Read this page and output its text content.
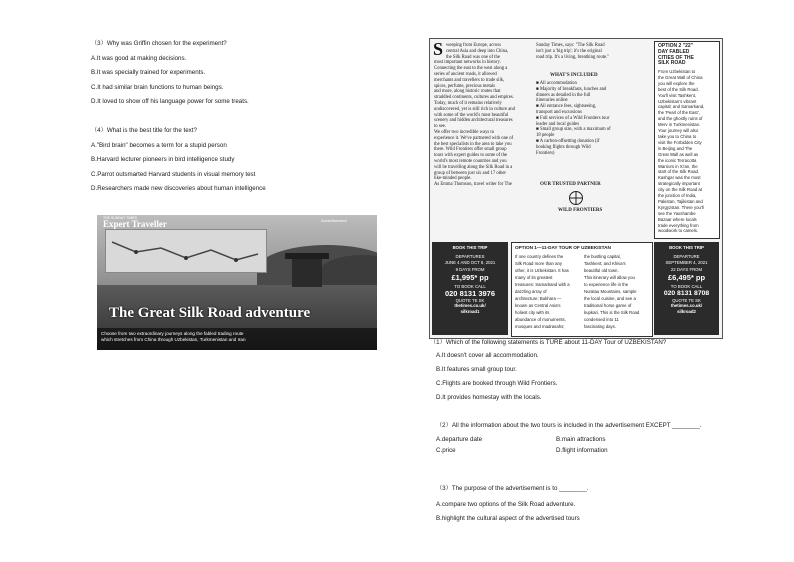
（3）Why was Griffin chosen for the experiment?
A.It was good at making decisions.
B.It was specially trained for experiments.
C.It had similar brain functions to human beings.
D.It loved to show off his language power for some treats.
（4）What is the best title for the text?
A."Bird brain" becomes a term for a stupid person
B.Harvard lecturer pioneers in bird intelligence study
C.Parrot outsmarted Harvard students in visual memory test
D.Researchers made new discoveries about human intelligence
THE SUNDAY TIMES
Expert Traveller	Advertisement
The Great Silk Road adventure
Choose from two extraordinary journeys along the fabled trading route
which stretches from China through Uzbekistan, Turkmenistan and Iran
S weeping from Europe, across
central Asia and deep into China,
the Silk Road was one of the
most important networks in history.
Connecting the east to the west along a
series of ancient roads, it allowed
merchants and travellers to trade silk,
spices, perfume, precious metals
and more, along historic routes that
straddled continents, cultures and empires.
Today, much of it remains relatively
undiscovered, yet is still rich in culture and
with some of the world's most beautiful
scenery and hidden architectural treasures
to see.
We offer two incredible ways to
experience it. We've partnered with one of
the best specialists in the area to take you
there. Wild Frontiers offer small group
tours with expert guides to some of the
world's most remote countries and you
will be travelling along the Silk Road in a
group of between just six and 17 other
like-minded people.
As Emma Thomson, travel writer for The
Sunday Times, says: "The Silk Road
isn't just a 'big trip'; it's the original
road trip. It's a living, breathing route."
WHAT'S INCLUDED
■ All accommodation
■ Majority of breakfasts, lunches and
dinners as detailed in the full
itineraries online
■ All entrance fees, sightseeing,
transport and excursions
■ Full services of a Wild Frontiers tour
leader and local guides
■ Small group size, with a maximum of
18 people
■ A carbon-offsetting donation (if
booking flights through Wild
Frontiers)
OUR TRUSTED PARTNER
WILD FRONTIERS
OPTION 2 "22"
DAY FABLED
CITIES OF THE
SILK ROAD
From Uzbekistan to
the Great Wall of China
you will explore the
best of the Silk Road.
You'll visit Tashkent,
Uzbekistan's vibrant
capital; and Samarkand,
the 'Pearl of the East',
and the ghostly ruins of
Merv in Turkmenistan.
Your journey will also
take you to China to
visit the Forbidden City
in Beijing and The
Great Wall as well as
the iconic Terracotta
Warriors in Xi'an, the
start of the Silk Road.
Kashgar was the most
strategically important
city on the Silk Road at
the junction of India,
Pakistan, Tajikistan and
Kyrgyzstan. There you'll
see the Yaxshambe
Bazaar where locals
trade everything from
woodwork to camels.
BOOK THIS TRIP
DEPARTURES
JUNE 4 AND OCT 8, 2021
9 DAYS FROM
£1,995* pp
TO BOOK CALL
020 8131 3976
QUOTE TE SK
thetimes.co.uk/
silkroad1
OPTION 1—11-DAY TOUR OF UZBEKISTAN
If one country defines the
Silk Road more than any
other, it is Uzbekistan. It has
many of its greatest
treasures: Samarkand with a
dazzling array of
architecture; Bukhara —
known as Central Asia's
holiest city with its
abundance of monuments,
mosques and madrasahs;
the bustling capital,
Tashkent; and Khiva's
beautiful old town.
This itinerary will allow you
to experience life in the
Nuratau Mountains, sample
the local cuisine, and see a
traditional horse game of
kupkari. This is the Silk Road
condensed into 11
fascinating days.
BOOK THIS TRIP
DEPARTURE
SEPTEMBER 4, 2021
22 DAYS FROM
£6,495* pp
TO BOOK CALL
020 8131 8708
QUOTE TE SK
thetimes.co.uk/
silkroad2
（1）Which of the following statements is TURE about 11-DAY Tour of UZBEKISTAN?
A.It doesn't cover all accommodation.
B.It features small group tour.
C.Flights are booked through Wild Frontiers.
D.It provides homestay with the locals.
（2）All the information about the two tours is included in the advertisement EXCEPT ________.
A.departure date	B.main attractions
C.price	D.flight information
（3）The purpose of the advertisement is to ________.
A.compare two options of the Silk Road adventure.
B.highlight the cultural aspect of the advertised tours
